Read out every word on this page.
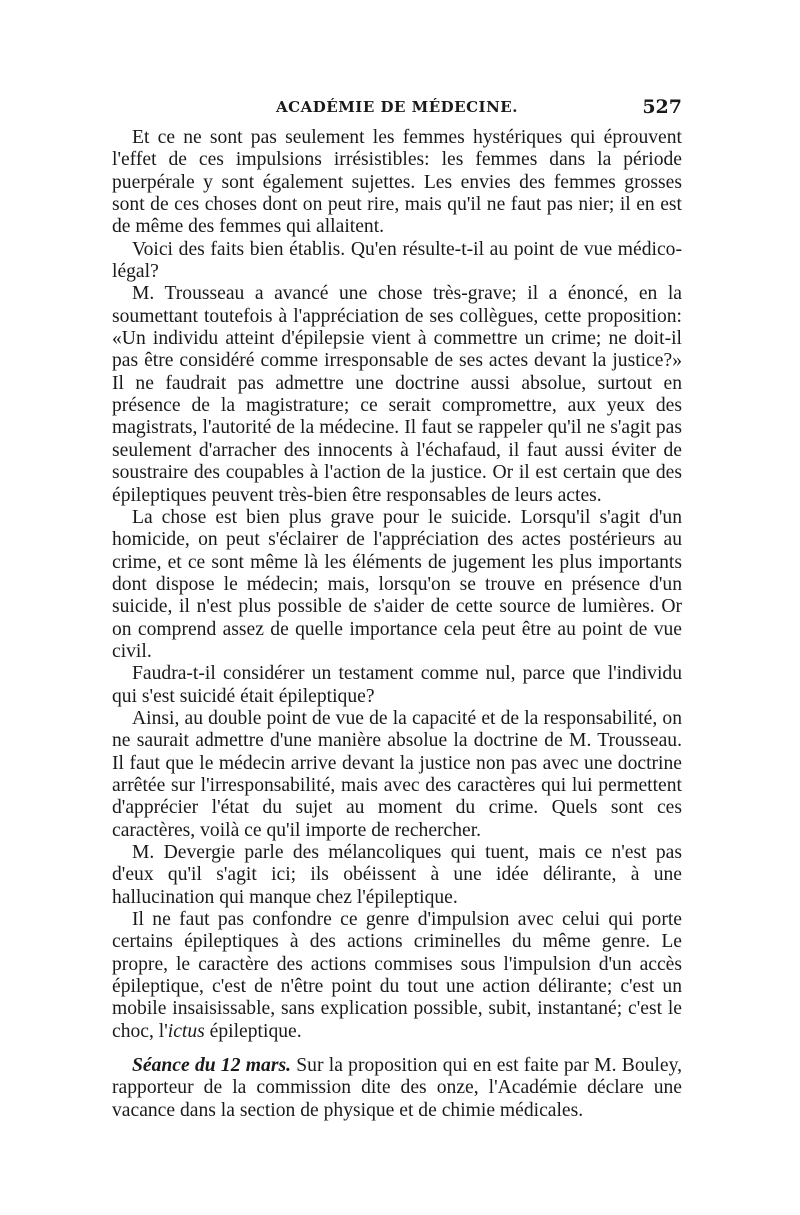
ACADÉMIE DE MÉDECINE.	527

Et ce ne sont pas seulement les femmes hystériques qui éprouvent l'effet de ces impulsions irrésistibles: les femmes dans la période puerpérale y sont également sujettes. Les envies des femmes grosses sont de ces choses dont on peut rire, mais qu'il ne faut pas nier; il en est de même des femmes qui allaitent.

Voici des faits bien établis. Qu'en résulte-t-il au point de vue médico-légal?

M. Trousseau a avancé une chose très-grave; il a énoncé, en la soumettant toutefois à l'appréciation de ses collègues, cette proposition: «Un individu atteint d'épilepsie vient à commettre un crime; ne doit-il pas être considéré comme irresponsable de ses actes devant la justice?» Il ne faudrait pas admettre une doctrine aussi absolue, surtout en présence de la magistrature; ce serait compromettre, aux yeux des magistrats, l'autorité de la médecine. Il faut se rappeler qu'il ne s'agit pas seulement d'arracher des innocents à l'échafaud, il faut aussi éviter de soustraire des coupables à l'action de la justice. Or il est certain que des épileptiques peuvent très-bien être responsables de leurs actes.

La chose est bien plus grave pour le suicide. Lorsqu'il s'agit d'un homicide, on peut s'éclairer de l'appréciation des actes postérieurs au crime, et ce sont même là les éléments de jugement les plus importants dont dispose le médecin; mais, lorsqu'on se trouve en présence d'un suicide, il n'est plus possible de s'aider de cette source de lumières. Or on comprend assez de quelle importance cela peut être au point de vue civil.

Faudra-t-il considérer un testament comme nul, parce que l'individu qui s'est suicidé était épileptique?

Ainsi, au double point de vue de la capacité et de la responsabilité, on ne saurait admettre d'une manière absolue la doctrine de M. Trousseau. Il faut que le médecin arrive devant la justice non pas avec une doctrine arrêtée sur l'irresponsabilité, mais avec des caractères qui lui permettent d'apprécier l'état du sujet au moment du crime. Quels sont ces caractères, voilà ce qu'il importe de rechercher.

M. Devergie parle des mélancoliques qui tuent, mais ce n'est pas d'eux qu'il s'agit ici; ils obéissent à une idée délirante, à une hallucination qui manque chez l'épileptique.

Il ne faut pas confondre ce genre d'impulsion avec celui qui porte certains épileptiques à des actions criminelles du même genre. Le propre, le caractère des actions commises sous l'impulsion d'un accès épileptique, c'est de n'être point du tout une action délirante; c'est un mobile insaisissable, sans explication possible, subit, instantané; c'est le choc, l'ictus épileptique.

Séance du 12 mars. Sur la proposition qui en est faite par M. Bouley, rapporteur de la commission dite des onze, l'Académie déclare une vacance dans la section de physique et de chimie médicales.
